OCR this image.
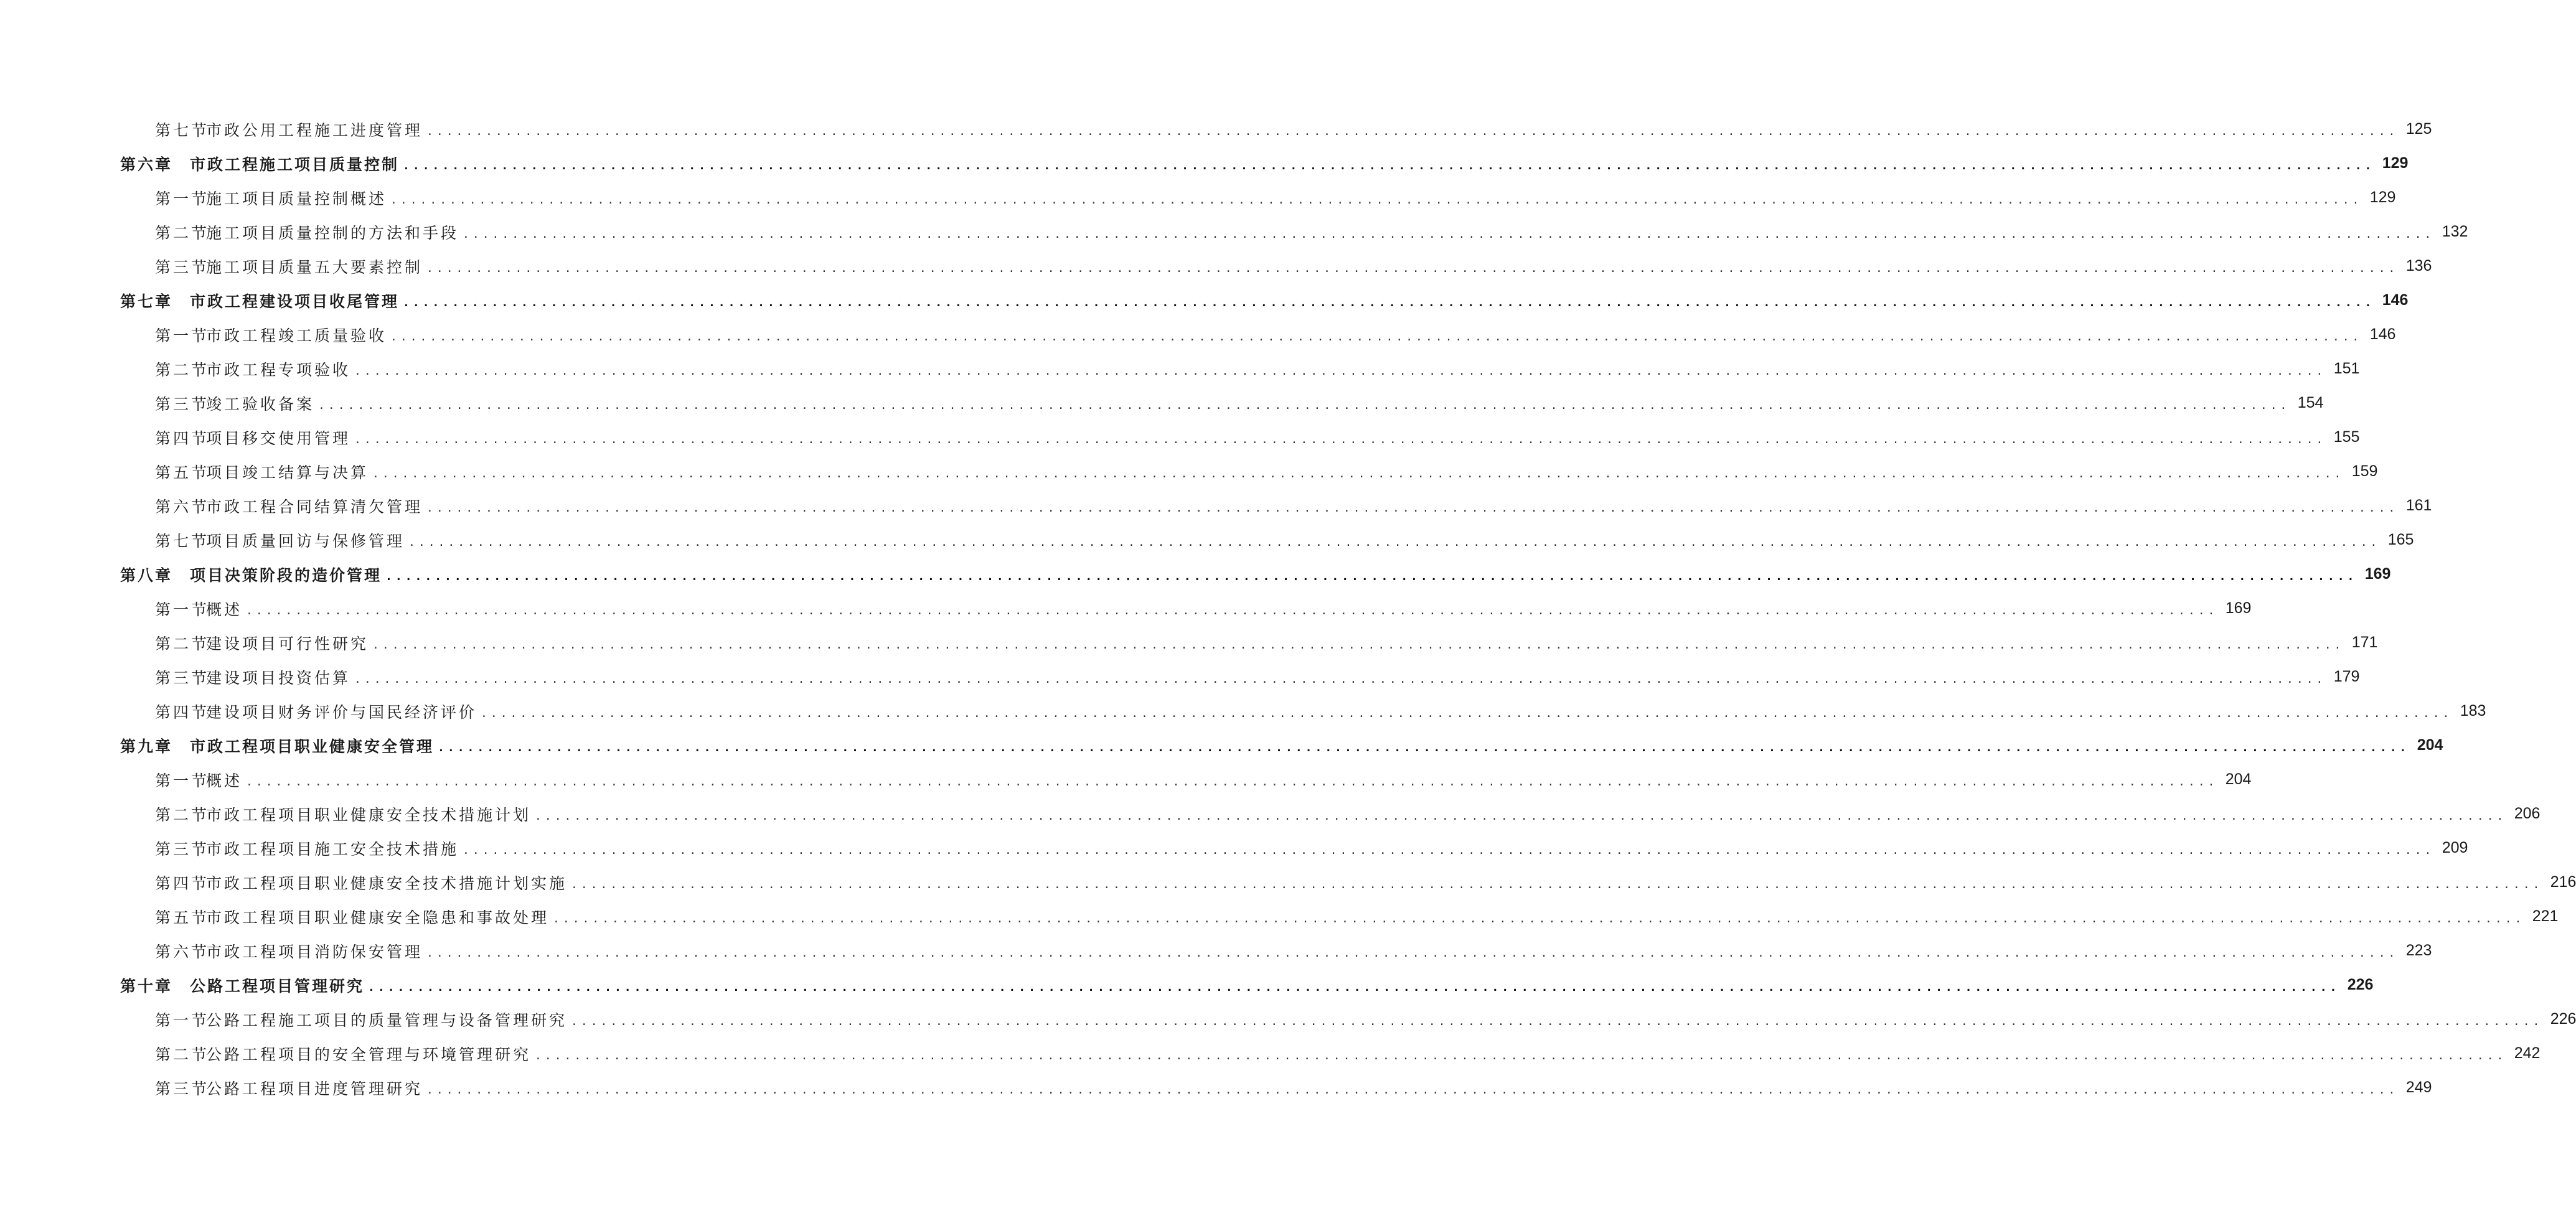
第七节市政公用工程施工进度管理 ........................................................................................................................................................................................................ 125
第六章 市政工程施工项目质量控制 ........................................................................................................................................................................................................ 129
第一节施工项目质量控制概述 ........................................................................................................................................................................................................ 129
第二节施工项目质量控制的方法和手段 ........................................................................................................................................................................................................ 132
第三节施工项目质量五大要素控制 ........................................................................................................................................................................................................ 136
第七章 市政工程建设项目收尾管理 ........................................................................................................................................................................................................ 146
第一节市政工程竣工质量验收 ........................................................................................................................................................................................................ 146
第二节市政工程专项验收 ........................................................................................................................................................................................................ 151
第三节竣工验收备案 ........................................................................................................................................................................................................ 154
第四节项目移交使用管理 ........................................................................................................................................................................................................ 155
第五节项目竣工结算与决算 ........................................................................................................................................................................................................ 159
第六节市政工程合同结算清欠管理 ........................................................................................................................................................................................................ 161
第七节项目质量回访与保修管理 ........................................................................................................................................................................................................ 165
第八章 项目决策阶段的造价管理 ........................................................................................................................................................................................................ 169
第一节概述 ........................................................................................................................................................................................................ 169
第二节建设项目可行性研究 ........................................................................................................................................................................................................ 171
第三节建设项目投资估算 ........................................................................................................................................................................................................ 179
第四节建设项目财务评价与国民经济评价 ........................................................................................................................................................................................................ 183
第九章 市政工程项目职业健康安全管理 ........................................................................................................................................................................................................ 204
第一节概述 ........................................................................................................................................................................................................ 204
第二节市政工程项目职业健康安全技术措施计划 ........................................................................................................................................................................................................ 206
第三节市政工程项目施工安全技术措施 ........................................................................................................................................................................................................ 209
第四节市政工程项目职业健康安全技术措施计划实施 ........................................................................................................................................................................................................ 216
第五节市政工程项目职业健康安全隐患和事故处理 ........................................................................................................................................................................................................ 221
第六节市政工程项目消防保安管理 ........................................................................................................................................................................................................ 223
第十章 公路工程项目管理研究 ........................................................................................................................................................................................................ 226
第一节公路工程施工项目的质量管理与设备管理研究 ........................................................................................................................................................................................................ 226
第二节公路工程项目的安全管理与环境管理研究 ........................................................................................................................................................................................................ 242
第三节公路工程项目进度管理研究 ........................................................................................................................................................................................................ 249
